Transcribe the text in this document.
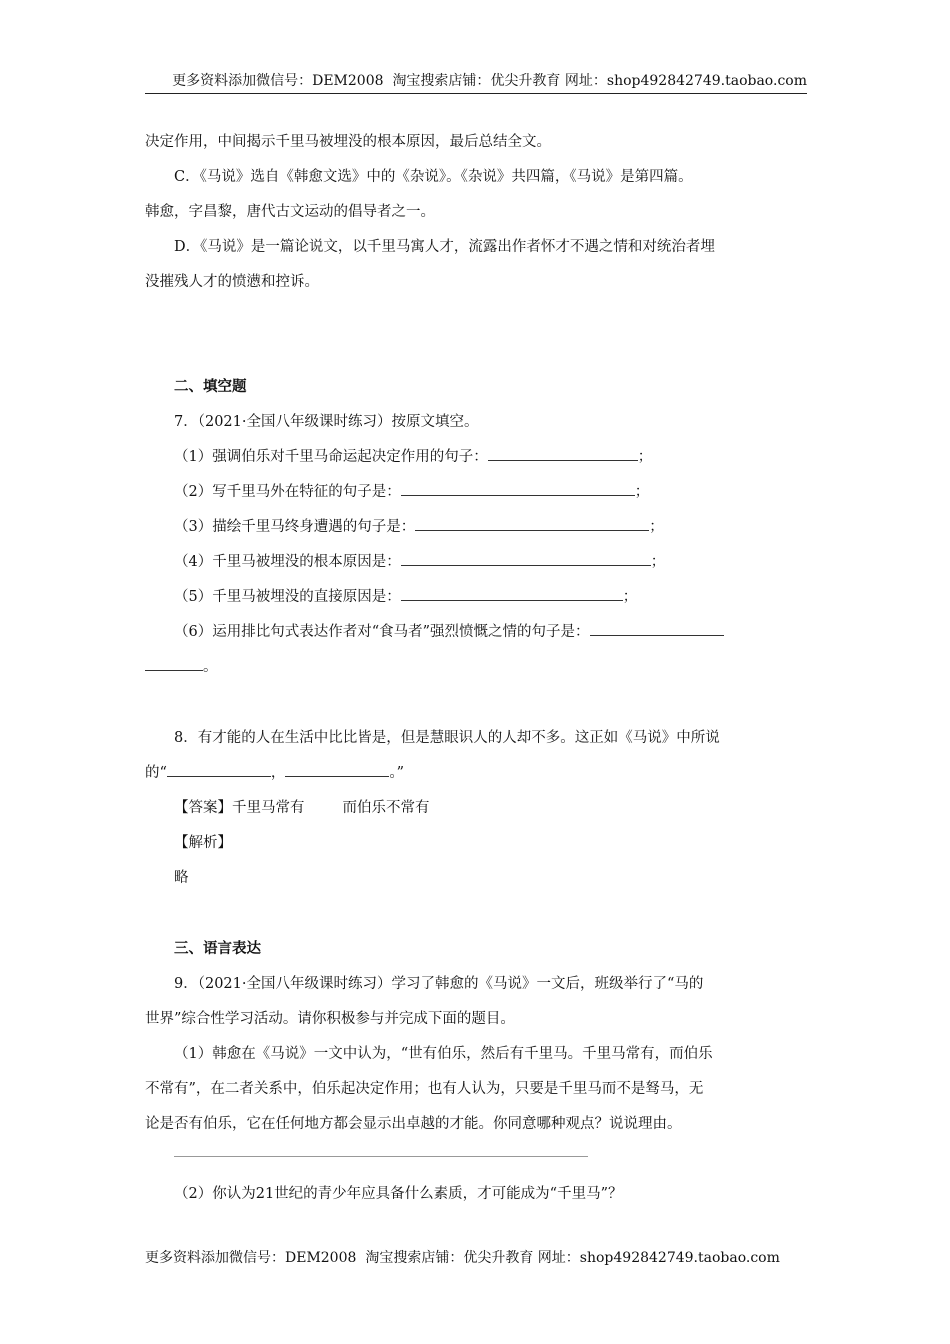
更多资料添加微信号：DEM2008 淘宝搜索店铺：优尖升教育 网址：shop492842749.taobao.com

决定作用，中间揭示千里马被埋没的根本原因，最后总结全文。

C．《马说》选自《韩愈文选》中的《杂说》。《杂说》共四篇，《马说》是第四篇。

韩愈，字昌黎，唐代古文运动的倡导者之一。

D．《马说》是一篇论说文，以千里马寓人才，流露出作者怀才不遇之情和对统治者埋

没摧残人才的愤懑和控诉。

二、填空题

7．（2021·全国八年级课时练习）按原文填空。

（1）强调伯乐对千里马命运起决定作用的句子：	；

（2）写千里马外在特征的句子是：	；

（3）描绘千里马终身遭遇的句子是：	；

（4）千里马被埋没的根本原因是：	；

（5）千里马被埋没的直接原因是：	；

（6）运用排比句式表达作者对“食马者”强烈愤慨之情的句子是：

。

8．有才能的人在生活中比比皆是，但是慧眼识人的人却不多。这正如《马说》中所说

的“	，	。”

【答案】千里马常有	而伯乐不常有

【解析】

略

三、语言表达

9．（2021·全国八年级课时练习）学习了韩愈的《马说》一文后，班级举行了“马的

世界”综合性学习活动。请你积极参与并完成下面的题目。

（1）韩愈在《马说》一文中认为，“世有伯乐，然后有千里马。千里马常有，而伯乐

不常有”，在二者关系中，伯乐起决定作用；也有人认为，只要是千里马而不是驽马，无

论是否有伯乐，它在任何地方都会显示出卓越的才能。你同意哪种观点？说说理由。

（2）你认为21世纪的青少年应具备什么素质，才可能成为“千里马”？

更多资料添加微信号：DEM2008 淘宝搜索店铺：优尖升教育 网址：shop492842749.taobao.com
